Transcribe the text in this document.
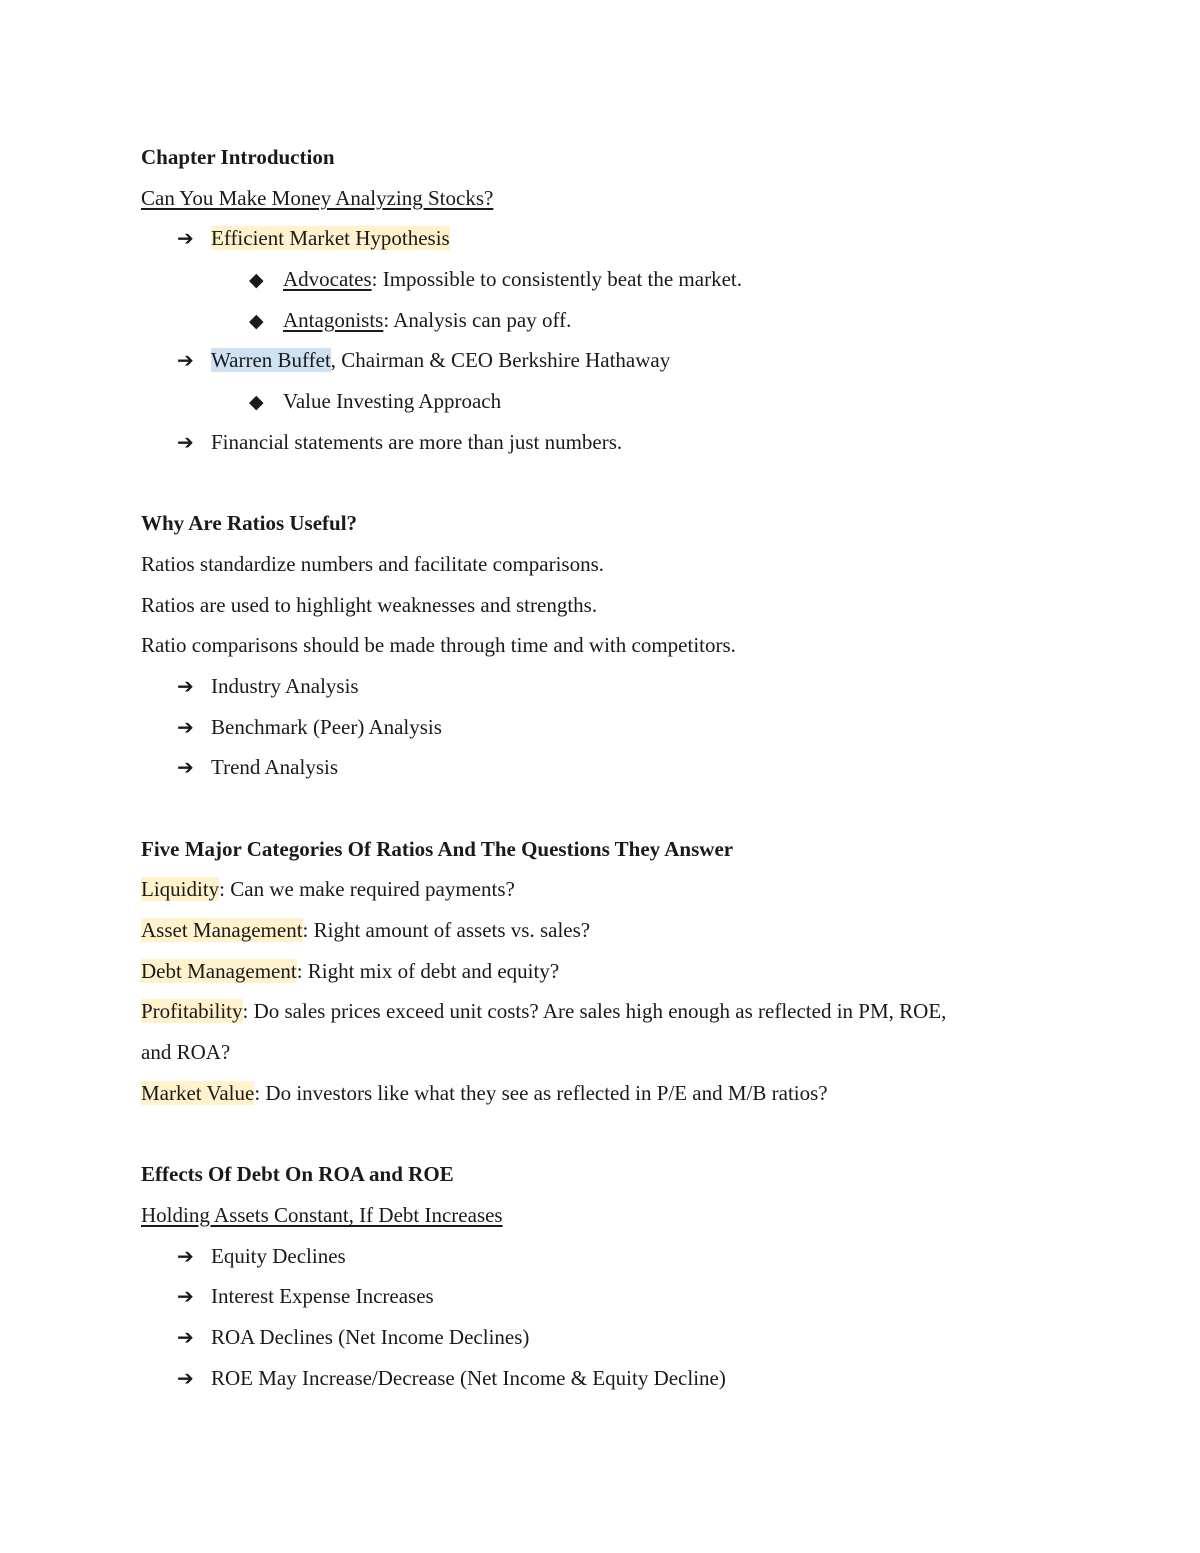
Chapter Introduction
Can You Make Money Analyzing Stocks?
➔ Efficient Market Hypothesis
◆ Advocates: Impossible to consistently beat the market.
◆ Antagonists: Analysis can pay off.
➔ Warren Buffet, Chairman & CEO Berkshire Hathaway
◆ Value Investing Approach
➔ Financial statements are more than just numbers.
Why Are Ratios Useful?
Ratios standardize numbers and facilitate comparisons.
Ratios are used to highlight weaknesses and strengths.
Ratio comparisons should be made through time and with competitors.
➔ Industry Analysis
➔ Benchmark (Peer) Analysis
➔ Trend Analysis
Five Major Categories Of Ratios And The Questions They Answer
Liquidity: Can we make required payments?
Asset Management: Right amount of assets vs. sales?
Debt Management: Right mix of debt and equity?
Profitability: Do sales prices exceed unit costs? Are sales high enough as reflected in PM, ROE,
and ROA?
Market Value: Do investors like what they see as reflected in P/E and M/B ratios?
Effects Of Debt On ROA and ROE
Holding Assets Constant, If Debt Increases
➔ Equity Declines
➔ Interest Expense Increases
➔ ROA Declines (Net Income Declines)
➔ ROE May Increase/Decrease (Net Income & Equity Decline)
